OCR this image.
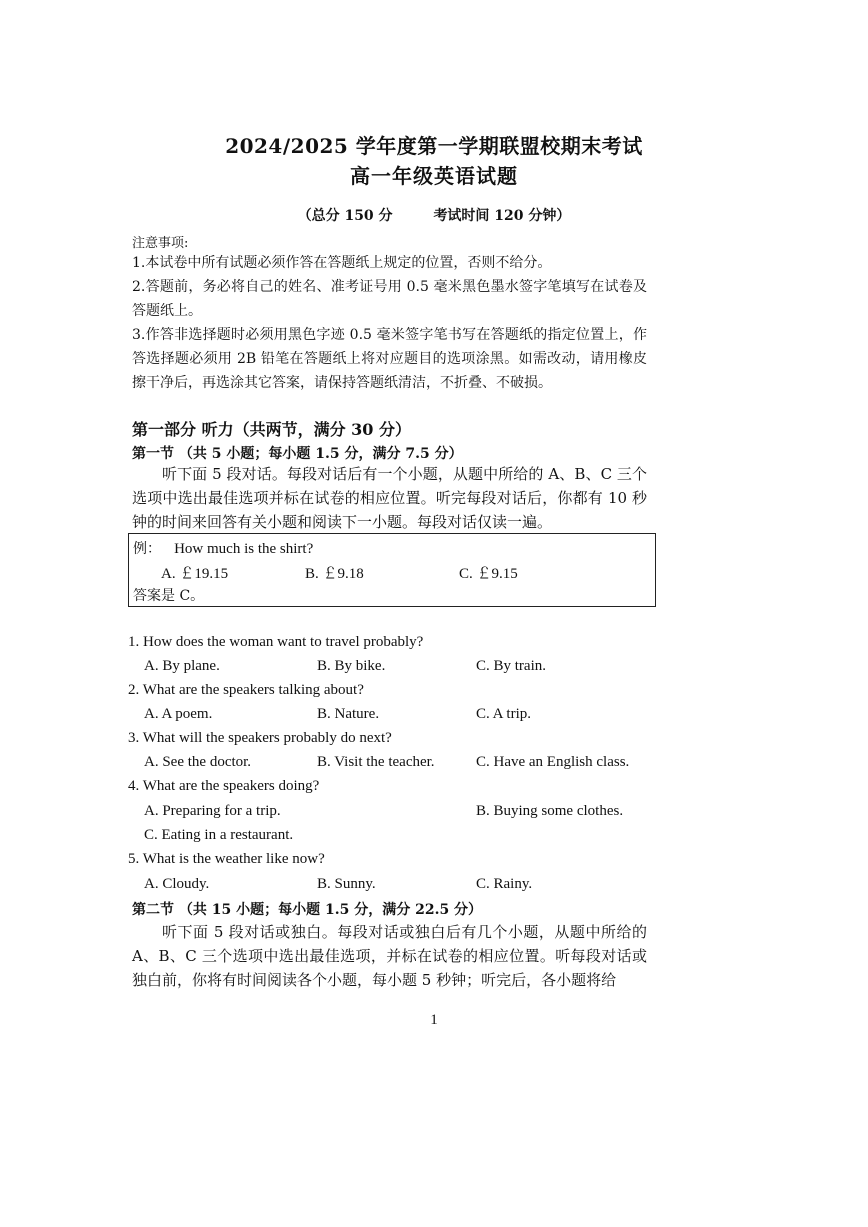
2024/2025 学年度第一学期联盟校期末考试
高一年级英语试题
（总分 150 分	考试时间 120 分钟）
注意事项:
1.本试卷中所有试题必须作答在答题纸上规定的位置，否则不给分。
2.答题前，务必将自己的姓名、准考证号用 0.5 毫米黑色墨水签字笔填写在试卷及答题纸上。
3.作答非选择题时必须用黑色字迹 0.5 毫米签字笔书写在答题纸的指定位置上，作答选择题必须用 2B 铅笔在答题纸上将对应题目的选项涂黑。如需改动，请用橡皮擦干净后，再选涂其它答案，请保持答题纸清洁，不折叠、不破损。
第一部分 听力（共两节，满分 30 分）
第一节 （共 5 小题；每小题 1.5 分，满分 7.5 分）
听下面 5 段对话。每段对话后有一个小题，从题中所给的 A、B、C 三个选项中选出最佳选项并标在试卷的相应位置。听完每段对话后，你都有 10 秒钟的时间来回答有关小题和阅读下一小题。每段对话仅读一遍。
例： How much is the shirt?
A. ￡19.15	B. ￡9.18	C. ￡9.15
答案是 C。
1. How does the woman want to travel probably?
A. By plane.	B. By bike.	C. By train.
2. What are the speakers talking about?
A. A poem.	B. Nature.	C. A trip.
3. What will the speakers probably do next?
A. See the doctor.	B. Visit the teacher.	C. Have an English class.
4. What are the speakers doing?
A. Preparing for a trip.	B. Buying some clothes.
C. Eating in a restaurant.
5. What is the weather like now?
A. Cloudy.	B. Sunny.	C. Rainy.
第二节 （共 15 小题；每小题 1.5 分，满分 22.5 分）
听下面 5 段对话或独白。每段对话或独白后有几个小题，从题中所给的 A、B、C 三个选项中选出最佳选项，并标在试卷的相应位置。听每段对话或独白前，你将有时间阅读各个小题，每小题 5 秒钟；听完后，各小题将给
1
